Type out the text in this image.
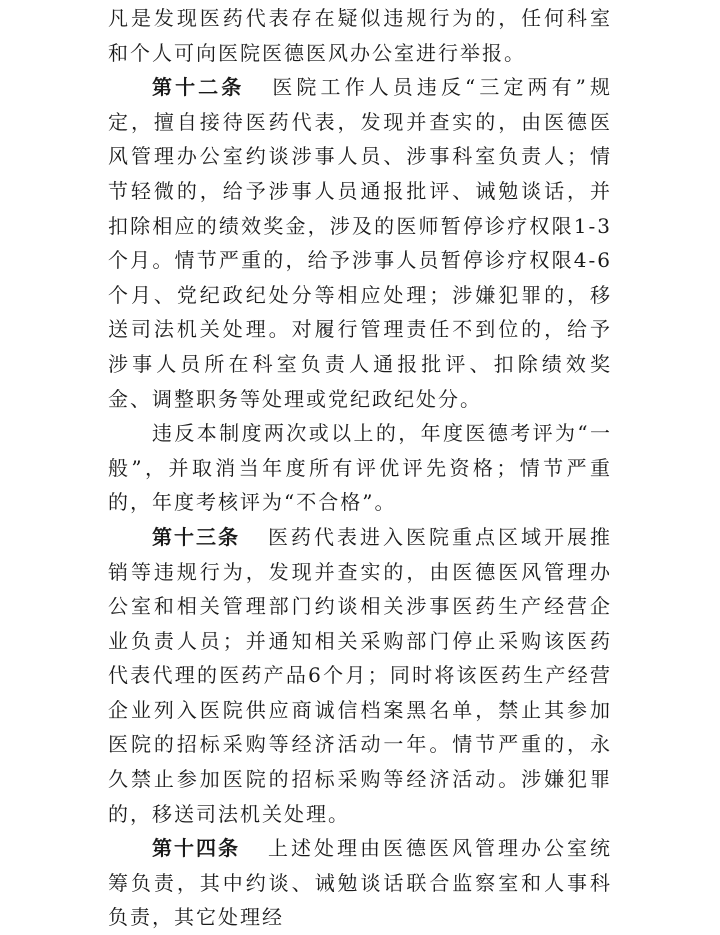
凡是发现医药代表存在疑似违规行为的，任何科室和个人可向医院医德医风办公室进行举报。

第十二条 医院工作人员违反“三定两有”规定，擅自接待医药代表，发现并查实的，由医德医风管理办公室约谈涉事人员、涉事科室负责人；情节轻微的，给予涉事人员通报批评、诫勉谈话，并扣除相应的绩效奖金，涉及的医师暂停诊疗权限1-3个月。情节严重的，给予涉事人员暂停诊疗权限4-6个月、党纪政纪处分等相应处理；涉嫌犯罪的，移送司法机关处理。对履行管理责任不到位的，给予涉事人员所在科室负责人通报批评、扣除绩效奖金、调整职务等处理或党纪政纪处分。

违反本制度两次或以上的，年度医德考评为“一般”，并取消当年度所有评优评先资格；情节严重的，年度考核评为“不合格”。

第十三条 医药代表进入医院重点区域开展推销等违规行为，发现并查实的，由医德医风管理办公室和相关管理部门约谈相关涉事医药生产经营企业负责人员；并通知相关采购部门停止采购该医药代表代理的医药产品6个月；同时将该医药生产经营企业列入医院供应商诚信档案黑名单，禁止其参加医院的招标采购等经济活动一年。情节严重的，永久禁止参加医院的招标采购等经济活动。涉嫌犯罪的，移送司法机关处理。

第十四条 上述处理由医德医风管理办公室统筹负责，其中约谈、诫勉谈话联合监察室和人事科负责，其它处理经
